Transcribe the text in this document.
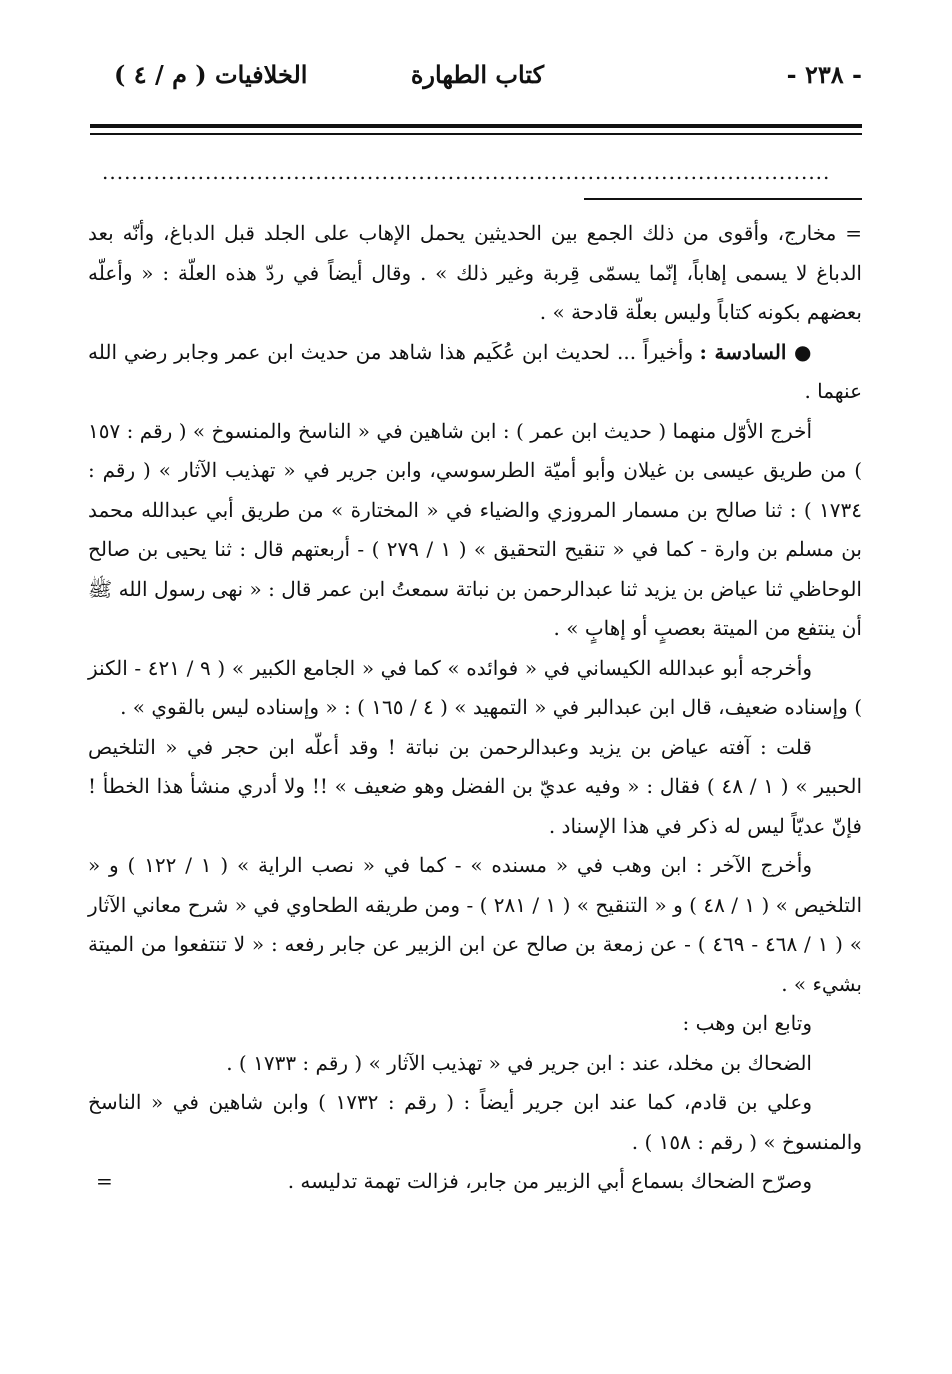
- ٢٣٨ -
كتاب الطهارة
الخلافيات ( م / ٤ )
...................................................................................................

= مخارج، وأقوى من ذلك الجمع بين الحديثين يحمل الإهاب على الجلد قبل الدباغ، وأنّه بعد الدباغ لا يسمى إهاباً، إنّما يسمّى قِربة وغير ذلك » . وقال أيضاً في ردّ هذه العلّة : « وأعلّه بعضهم بكونه كتاباً وليس بعلّة قادحة » .

● السادسة : وأخيراً ... لحديث ابن عُكَيم هذا شاهد من حديث ابن عمر وجابر رضي الله عنهما .

أخرج الأوّل منهما ( حديث ابن عمر ) : ابن شاهين في « الناسخ والمنسوخ » ( رقم : ١٥٧ ) من طريق عيسى بن غيلان وأبو أميّة الطرسوسي، وابن جرير في « تهذيب الآثار » ( رقم : ١٧٣٤ ) : ثنا صالح بن مسمار المروزي والضياء في « المختارة » من طريق أبي عبدالله محمد بن مسلم بن وارة - كما في « تنقيح التحقيق » ( ١ / ٢٧٩ ) - أربعتهم قال : ثنا يحيى بن صالح الوحاظي ثنا عياض بن يزيد ثنا عبدالرحمن بن نباتة سمعتُ ابن عمر قال : « نهى رسول الله ﷺ أن ينتفع من الميتة بعصبٍ أو إهابٍ » .

وأخرجه أبو عبدالله الكيساني في « فوائده » كما في « الجامع الكبير » ( ٩ / ٤٢١ - الكنز ) وإسناده ضعيف، قال ابن عبدالبر في « التمهيد » ( ٤ / ١٦٥ ) : « وإسناده ليس بالقوي » .

قلت : آفته عياض بن يزيد وعبدالرحمن بن نباتة ! وقد أعلّه ابن حجر في « التلخيص الحبير » ( ١ / ٤٨ ) فقال : « وفيه عديّ بن الفضل وهو ضعيف » !! ولا أدري منشأ هذا الخطأ ! فإنّ عديّاً ليس له ذكر في هذا الإسناد .

وأخرج الآخر : ابن وهب في « مسنده » - كما في « نصب الراية » ( ١ / ١٢٢ ) و « التلخيص » ( ١ / ٤٨ ) و « التنقيح » ( ١ / ٢٨١ ) - ومن طريقه الطحاوي في « شرح معاني الآثار » ( ١ / ٤٦٨ - ٤٦٩ ) - عن زمعة بن صالح عن ابن الزبير عن جابر رفعه : « لا تنتفعوا من الميتة بشيء » .

وتابع ابن وهب :

الضحاك بن مخلد، عند : ابن جرير في « تهذيب الآثار » ( رقم : ١٧٣٣ ) .

وعلي بن قادم، كما عند ابن جرير أيضاً : ( رقم : ١٧٣٢ ) وابن شاهين في « الناسخ والمنسوخ » ( رقم : ١٥٨ ) .

وصرّح الضحاك بسماع أبي الزبير من جابر، فزالت تهمة تدليسه .
=
